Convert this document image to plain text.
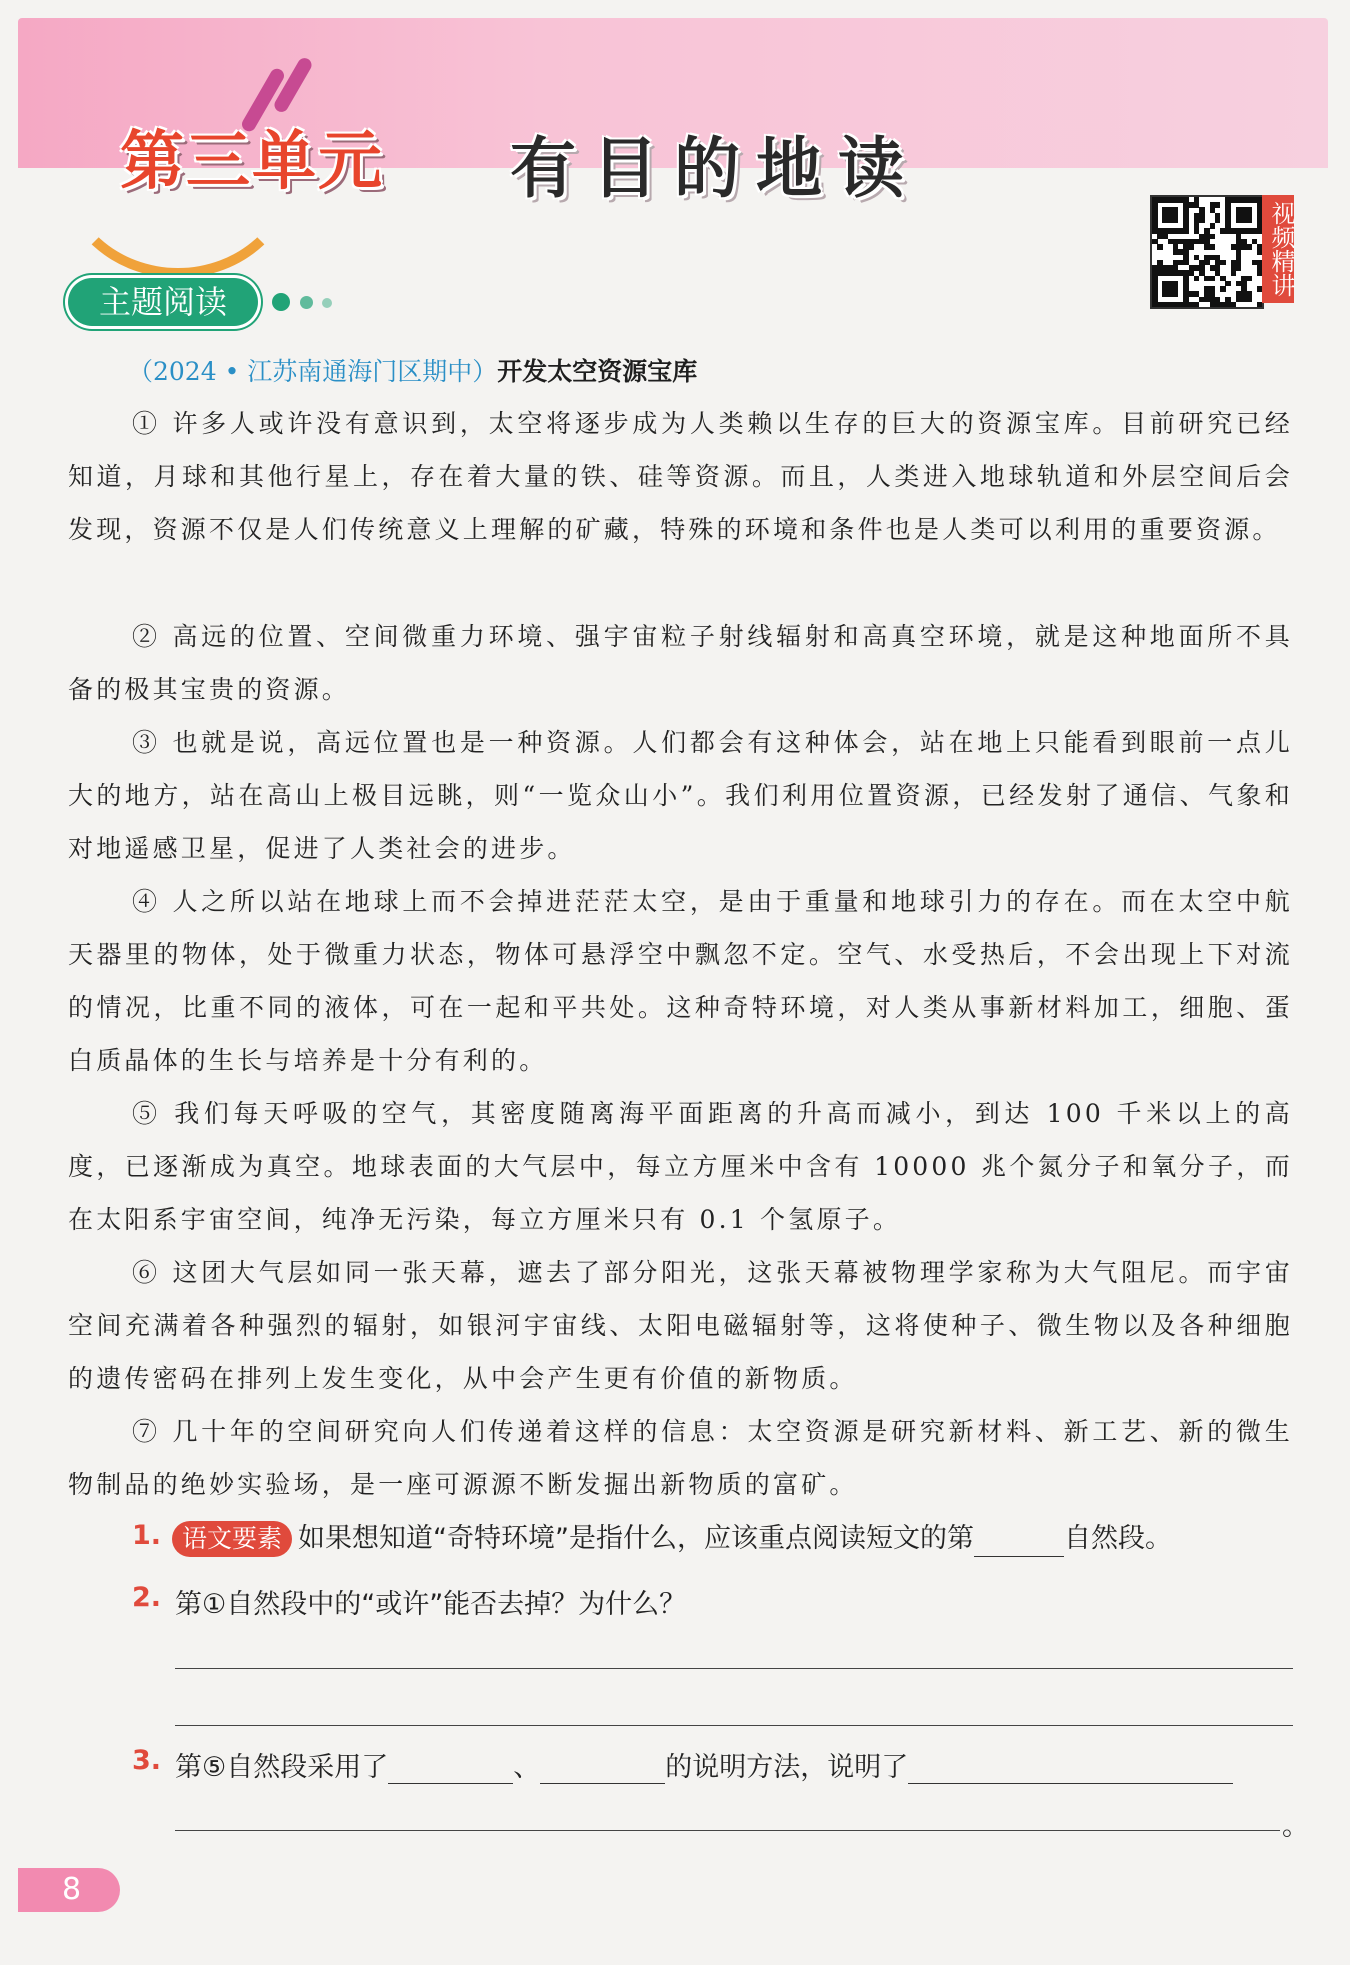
第三单元 有目的地读
视频精讲
主题阅读
（2024 • 江苏南通海门区期中）开发太空资源宝库
① 许多人或许没有意识到，太空将逐步成为人类赖以生存的巨大的资源宝库。目前研究已经知道，月球和其他行星上，存在着大量的铁、硅等资源。而且，人类进入地球轨道和外层空间后会发现，资源不仅是人们传统意义上理解的矿藏，特殊的环境和条件也是人类可以利用的重要资源。
② 高远的位置、空间微重力环境、强宇宙粒子射线辐射和高真空环境，就是这种地面所不具备的极其宝贵的资源。
③ 也就是说，高远位置也是一种资源。人们都会有这种体会，站在地上只能看到眼前一点儿大的地方，站在高山上极目远眺，则“一览众山小”。我们利用位置资源，已经发射了通信、气象和对地遥感卫星，促进了人类社会的进步。
④ 人之所以站在地球上而不会掉进茫茫太空，是由于重量和地球引力的存在。而在太空中航天器里的物体，处于微重力状态，物体可悬浮空中飘忽不定。空气、水受热后，不会出现上下对流的情况，比重不同的液体，可在一起和平共处。这种奇特环境，对人类从事新材料加工，细胞、蛋白质晶体的生长与培养是十分有利的。
⑤ 我们每天呼吸的空气，其密度随离海平面距离的升高而减小，到达 100 千米以上的高度，已逐渐成为真空。地球表面的大气层中，每立方厘米中含有 10000 兆个氮分子和氧分子，而在太阳系宇宙空间，纯净无污染，每立方厘米只有 0.1 个氢原子。
⑥ 这团大气层如同一张天幕，遮去了部分阳光，这张天幕被物理学家称为大气阻尼。而宇宙空间充满着各种强烈的辐射，如银河宇宙线、太阳电磁辐射等，这将使种子、微生物以及各种细胞的遗传密码在排列上发生变化，从中会产生更有价值的新物质。
⑦ 几十年的空间研究向人们传递着这样的信息：太空资源是研究新材料、新工艺、新的微生物制品的绝妙实验场，是一座可源源不断发掘出新物质的富矿。
1. 语文要素 如果想知道“奇特环境”是指什么，应该重点阅读短文的第	自然段。
2. 第①自然段中的“或许”能否去掉？为什么？
3. 第⑤自然段采用了	、	的说明方法，说明了
。
8
